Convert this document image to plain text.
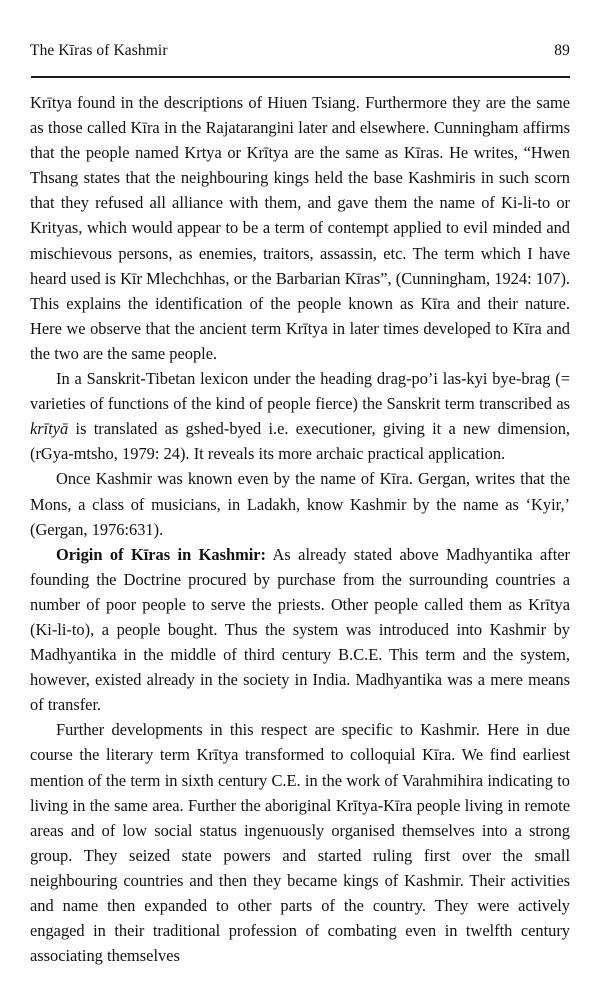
The Kīras of Kashmir	89

Krītya found in the descriptions of Hiuen Tsiang. Furthermore they are the same as those called Kīra in the Rajatarangini later and elsewhere. Cunningham affirms that the people named Krtya or Krītya are the same as Kīras. He writes, “Hwen Thsang states that the neighbouring kings held the base Kashmiris in such scorn that they refused all alliance with them, and gave them the name of Ki-li-to or Krityas, which would appear to be a term of contempt applied to evil minded and mischievous persons, as enemies, traitors, assassin, etc. The term which I have heard used is Kīr Mlechchhas, or the Barbarian Kīras”, (Cunningham, 1924: 107). This explains the identification of the people known as Kīra and their nature. Here we observe that the ancient term Krītya in later times developed to Kīra and the two are the same people.

In a Sanskrit-Tibetan lexicon under the heading drag-po’i las-kyi bye-brag (= varieties of functions of the kind of people fierce) the Sanskrit term transcribed as krītyā is translated as gshed-byed i.e. executioner, giving it a new dimension, (rGya-mtsho, 1979: 24). It reveals its more archaic practical application.

Once Kashmir was known even by the name of Kīra. Gergan, writes that the Mons, a class of musicians, in Ladakh, know Kashmir by the name as ‘Kyir,’ (Gergan, 1976:631).

Origin of Kīras in Kashmir: As already stated above Madhyantika after founding the Doctrine procured by purchase from the surrounding countries a number of poor people to serve the priests. Other people called them as Krītya (Ki-li-to), a people bought. Thus the system was introduced into Kashmir by Madhyantika in the middle of third century B.C.E. This term and the system, however, existed already in the society in India. Madhyantika was a mere means of transfer.

Further developments in this respect are specific to Kashmir. Here in due course the literary term Krītya transformed to colloquial Kīra. We find earliest mention of the term in sixth century C.E. in the work of Varahmihira indicating to living in the same area. Further the aboriginal Krītya-Kīra people living in remote areas and of low social status ingenuously organised themselves into a strong group. They seized state powers and started ruling first over the small neighbouring countries and then they became kings of Kashmir. Their activities and name then expanded to other parts of the country. They were actively engaged in their traditional profession of combating even in twelfth century associating themselves
